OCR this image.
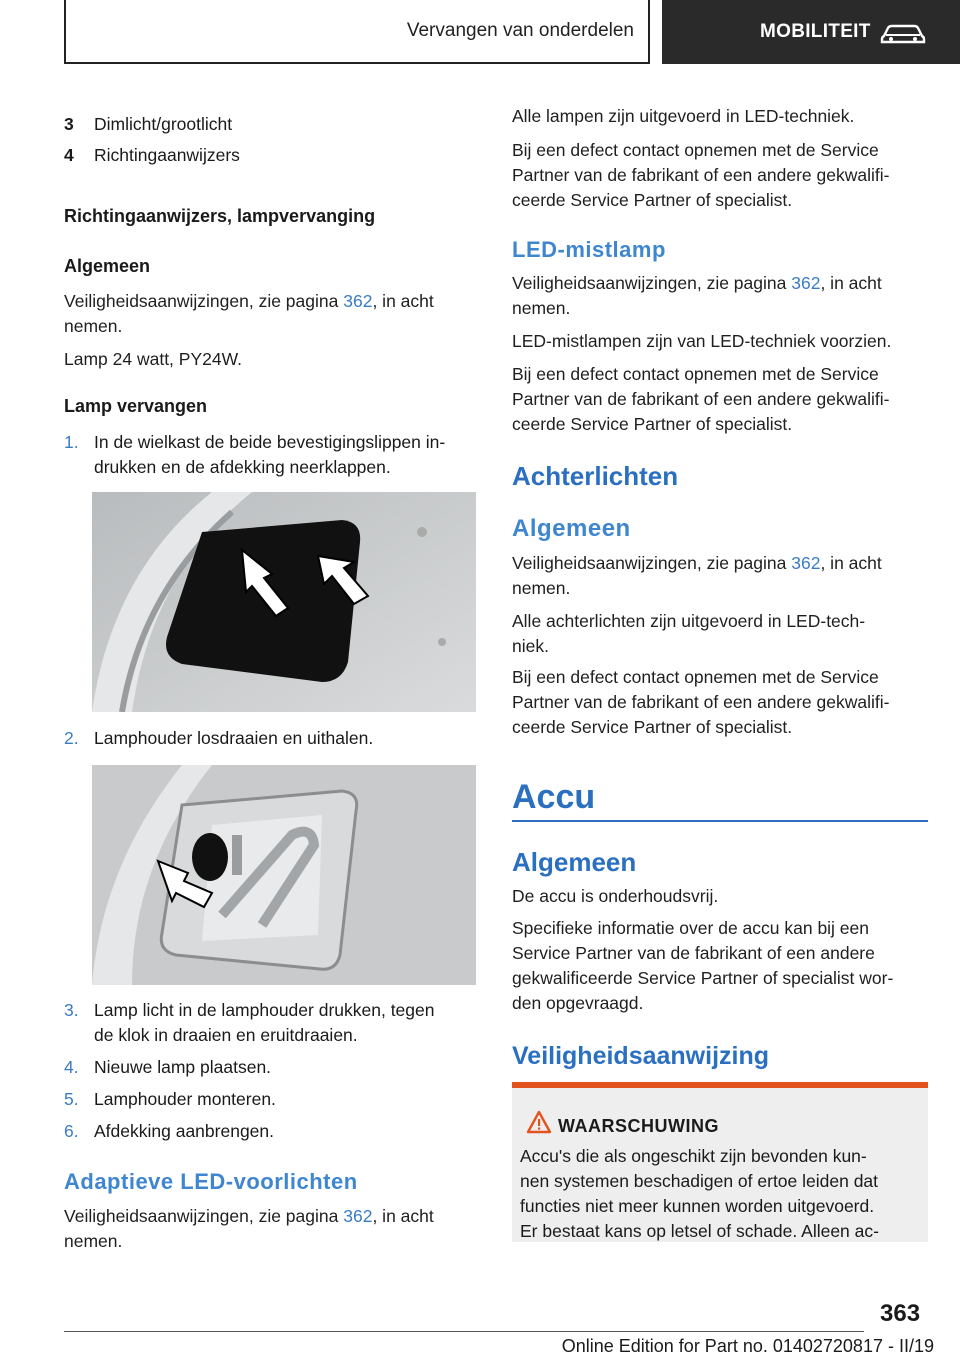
Vervangen van onderdelen	MOBILITEIT
3 Dimlicht/grootlicht
4 Richtingaanwijzers
Richtingaanwijzers, lampvervanging
Algemeen
Veiligheidsaanwijzingen, zie pagina 362, in acht
nemen.
Lamp 24 watt, PY24W.
Lamp vervangen
1. In de wielkast de beide bevestigingslippen in-
drukken en de afdekking neerklappen.
2. Lamphouder losdraaien en uithalen.
3. Lamp licht in de lamphouder drukken, tegen
de klok in draaien en eruitdraaien.
4. Nieuwe lamp plaatsen.
5. Lamphouder monteren.
6. Afdekking aanbrengen.
Adaptieve LED-voorlichten
Veiligheidsaanwijzingen, zie pagina 362, in acht
nemen.
Alle lampen zijn uitgevoerd in LED-techniek.
Bij een defect contact opnemen met de Service
Partner van de fabrikant of een andere gekwalifi-
ceerde Service Partner of specialist.
LED-mistlamp
Veiligheidsaanwijzingen, zie pagina 362, in acht
nemen.
LED-mistlampen zijn van LED-techniek voorzien.
Bij een defect contact opnemen met de Service
Partner van de fabrikant of een andere gekwalifi-
ceerde Service Partner of specialist.
Achterlichten
Algemeen
Veiligheidsaanwijzingen, zie pagina 362, in acht
nemen.
Alle achterlichten zijn uitgevoerd in LED-tech-
niek.
Bij een defect contact opnemen met de Service
Partner van de fabrikant of een andere gekwalifi-
ceerde Service Partner of specialist.
Accu
Algemeen
De accu is onderhoudsvrij.
Specifieke informatie over de accu kan bij een
Service Partner van de fabrikant of een andere
gekwalificeerde Service Partner of specialist wor-
den opgevraagd.
Veiligheidsaanwijzing
WAARSCHUWING
Accu's die als ongeschikt zijn bevonden kun-
nen systemen beschadigen of ertoe leiden dat
functies niet meer kunnen worden uitgevoerd.
Er bestaat kans op letsel of schade. Alleen ac-
363
Online Edition for Part no. 01402720817 - II/19
